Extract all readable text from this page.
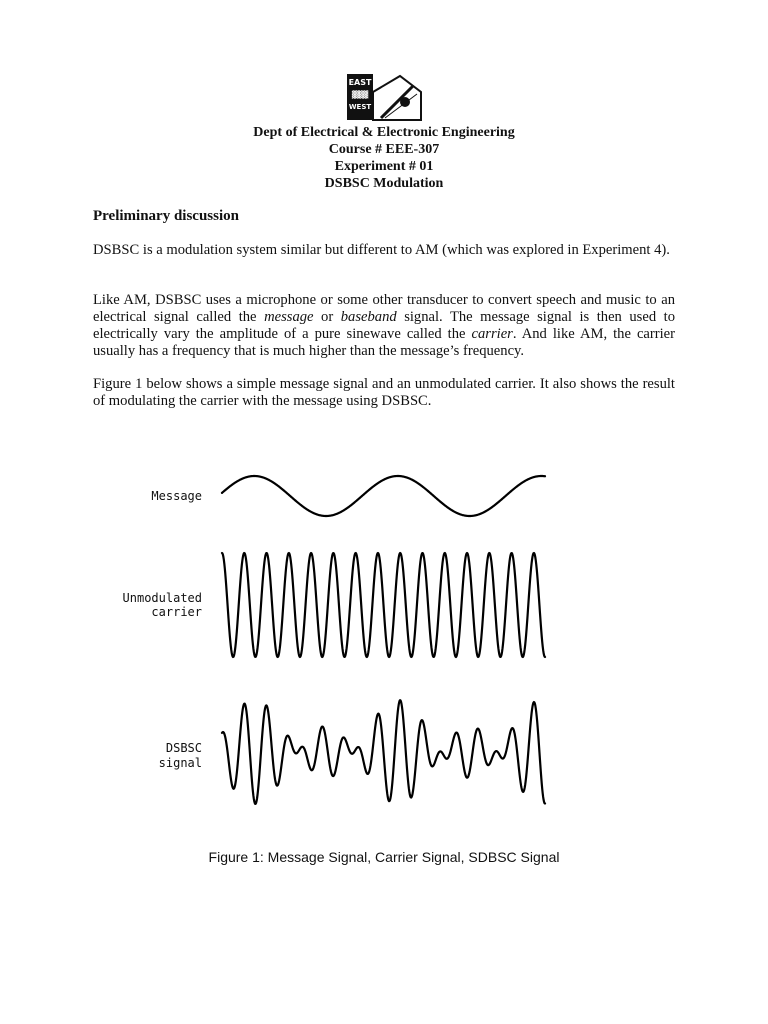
EAST
▓▓▓
WEST

Dept of Electrical & Electronic Engineering

Course # EEE-307

Experiment # 01

DSBSC Modulation

Preliminary discussion

DSBSC is a modulation system similar but different to AM (which was explored in Experiment 4).

Like AM, DSBSC uses a microphone or some other transducer to convert speech and music to an electrical signal called the message or baseband signal. The message signal is then used to electrically vary the amplitude of a pure sinewave called the carrier. And like AM, the carrier usually has a frequency that is much higher than the message’s frequency.

Figure 1 below shows a simple message signal and an unmodulated carrier. It also shows the result of modulating the carrier with the message using DSBSC.

Message

Unmodulated

carrier

DSBSC

signal

Figure 1: Message Signal, Carrier Signal, SDBSC Signal
